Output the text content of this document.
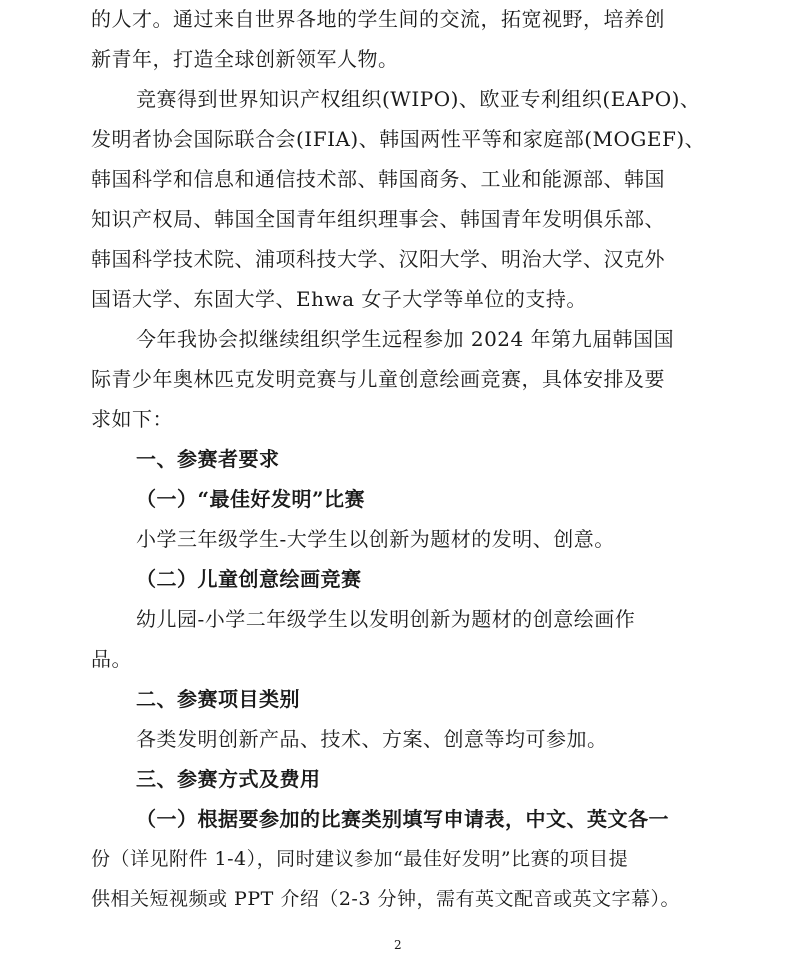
的人才。通过来自世界各地的学生间的交流，拓宽视野，培养创
新青年，打造全球创新领军人物。
竞赛得到世界知识产权组织(WIPO)、欧亚专利组织(EAPO)、
发明者协会国际联合会(IFIA)、韩国两性平等和家庭部(MOGEF)、
韩国科学和信息和通信技术部、韩国商务、工业和能源部、韩国
知识产权局、韩国全国青年组织理事会、韩国青年发明俱乐部、
韩国科学技术院、浦项科技大学、汉阳大学、明治大学、汉克外
国语大学、东固大学、Ehwa 女子大学等单位的支持。
今年我协会拟继续组织学生远程参加 2024 年第九届韩国国
际青少年奥林匹克发明竞赛与儿童创意绘画竞赛，具体安排及要
求如下：
一、参赛者要求
（一）“最佳好发明”比赛
小学三年级学生-大学生以创新为题材的发明、创意。
（二）儿童创意绘画竞赛
幼儿园-小学二年级学生以发明创新为题材的创意绘画作
品。
二、参赛项目类别
各类发明创新产品、技术、方案、创意等均可参加。
三、参赛方式及费用
（一）根据要参加的比赛类别填写申请表，中文、英文各一
份（详见附件 1-4），同时建议参加“最佳好发明”比赛的项目提
供相关短视频或 PPT 介绍（2-3 分钟，需有英文配音或英文字幕）。
2
